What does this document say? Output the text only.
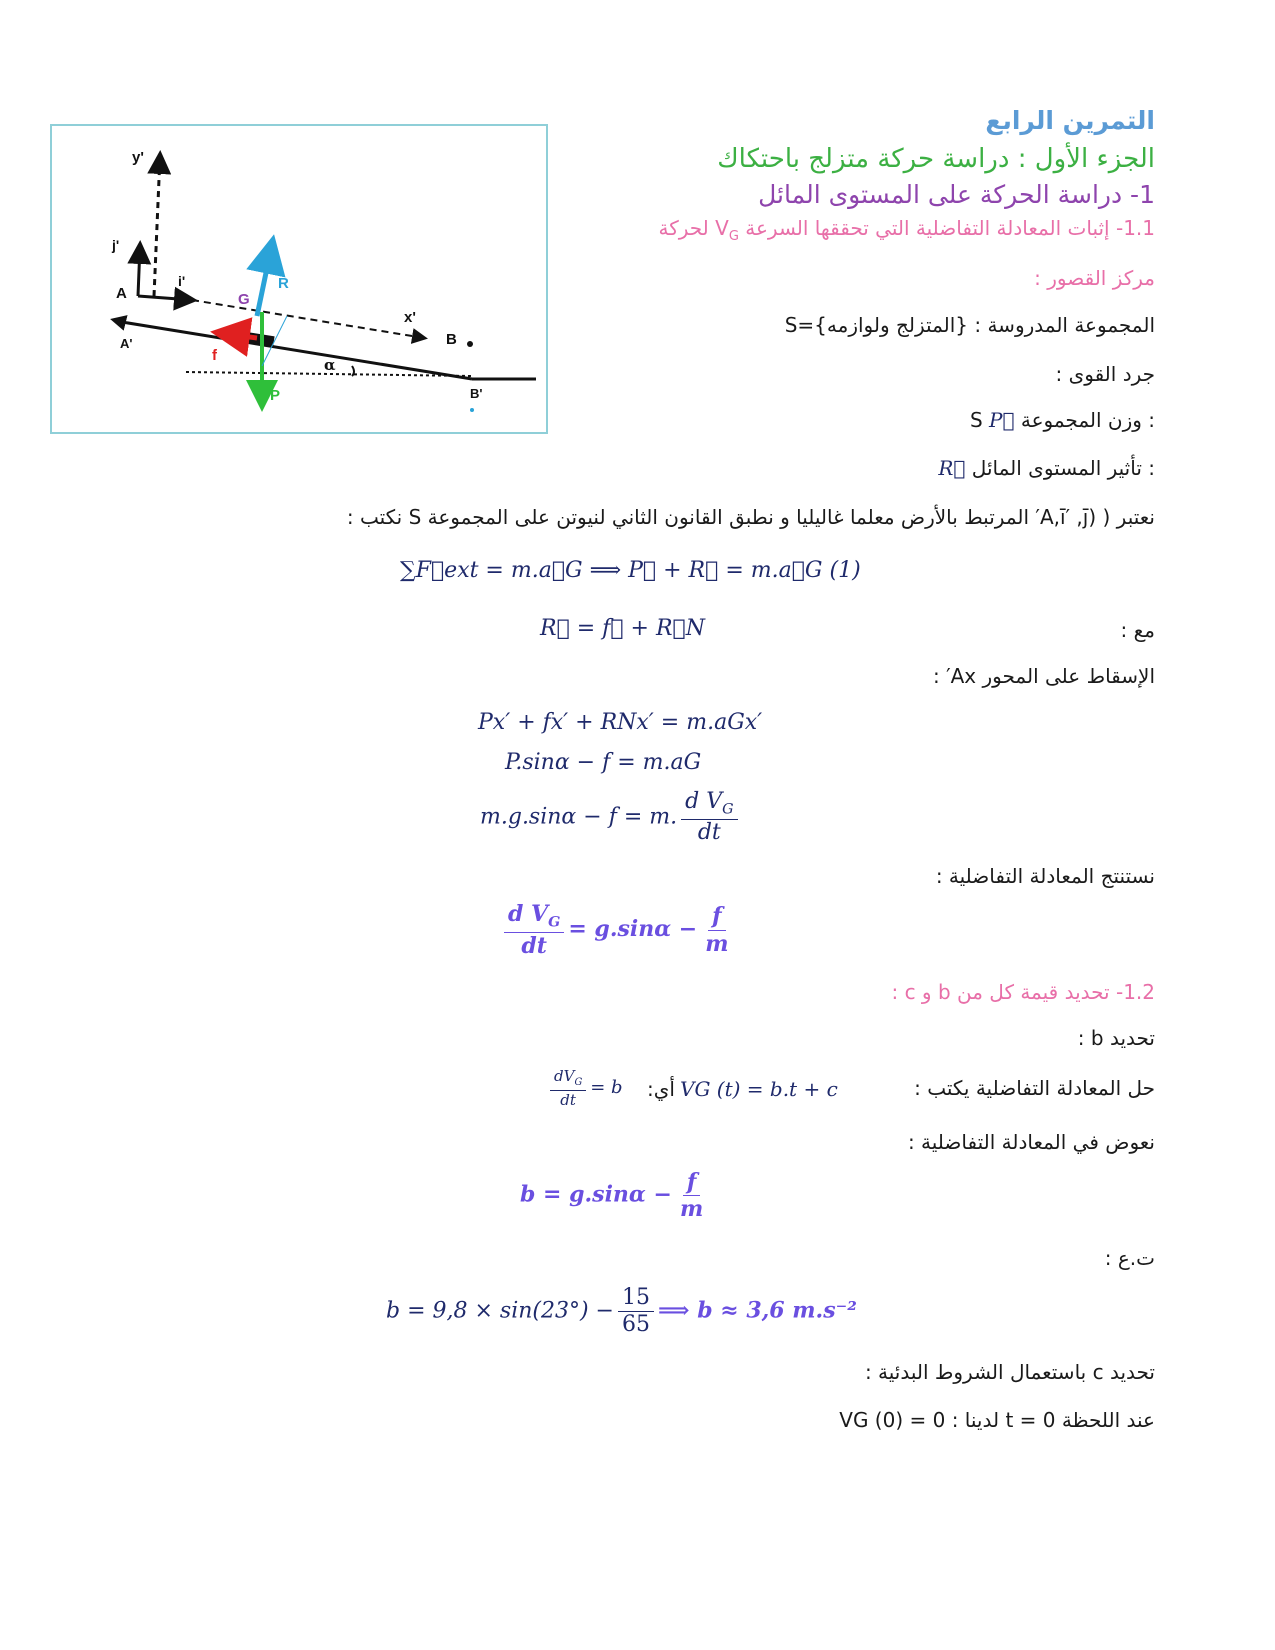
y'
j'
i'
A	G
R
x'
B
A'
f
α
P	B'
التمرين الرابع
الجزء الأول : دراسة حركة متزلج باحتكاك
1- دراسة الحركة على المستوى المائل
1.1- إثبات المعادلة التفاضلية التي تحققها السرعة $V_G$ لحركة
مركز القصور :
المجموعة المدروسة : {المتزلج ولوازمه}=S
جرد القوى :
: وزن المجموعة S P⃗
: تأثير المستوى المائل R⃗
نعتبر ( (A,ī′ ,j̄′ المرتبط بالأرض معلما غاليليا و نطبق القانون الثاني لنيوتن على المجموعة S نكتب :
∑F⃗ext = m.a⃗G ⟹ P⃗ + R⃗ = m.a⃗G (1)
مع :
R⃗ = f⃗ + R⃗N
الإسقاط على المحور Ax′ :
Px′ + fx′ + RNx′ = m.aGx′
P.sinα − f = m.aG
m.g.sinα − f = m. $\frac{d V_G}{dt}$
نستنتج المعادلة التفاضلية :
$\frac{d V_G}{dt} = g.\sin\alpha - \frac{f}{m}$
1.2- تحديد قيمة كل من b و c :
تحديد b :
حل المعادلة التفاضلية يكتب :
VG (t) = b.t + c
أي:
$\frac{dV_G}{dt} = b$
نعوض في المعادلة التفاضلية :
$b = g.\sin\alpha - \frac{f}{m}$
ت.ع :
$b = 9,8 \times \sin(23^\circ) - \frac{15}{65}$ ⟹ b ≈ 3,6 m.s⁻²
تحديد c باستعمال الشروط البدئية :
عند اللحظة t = 0 لدينا : VG (0) = 0
